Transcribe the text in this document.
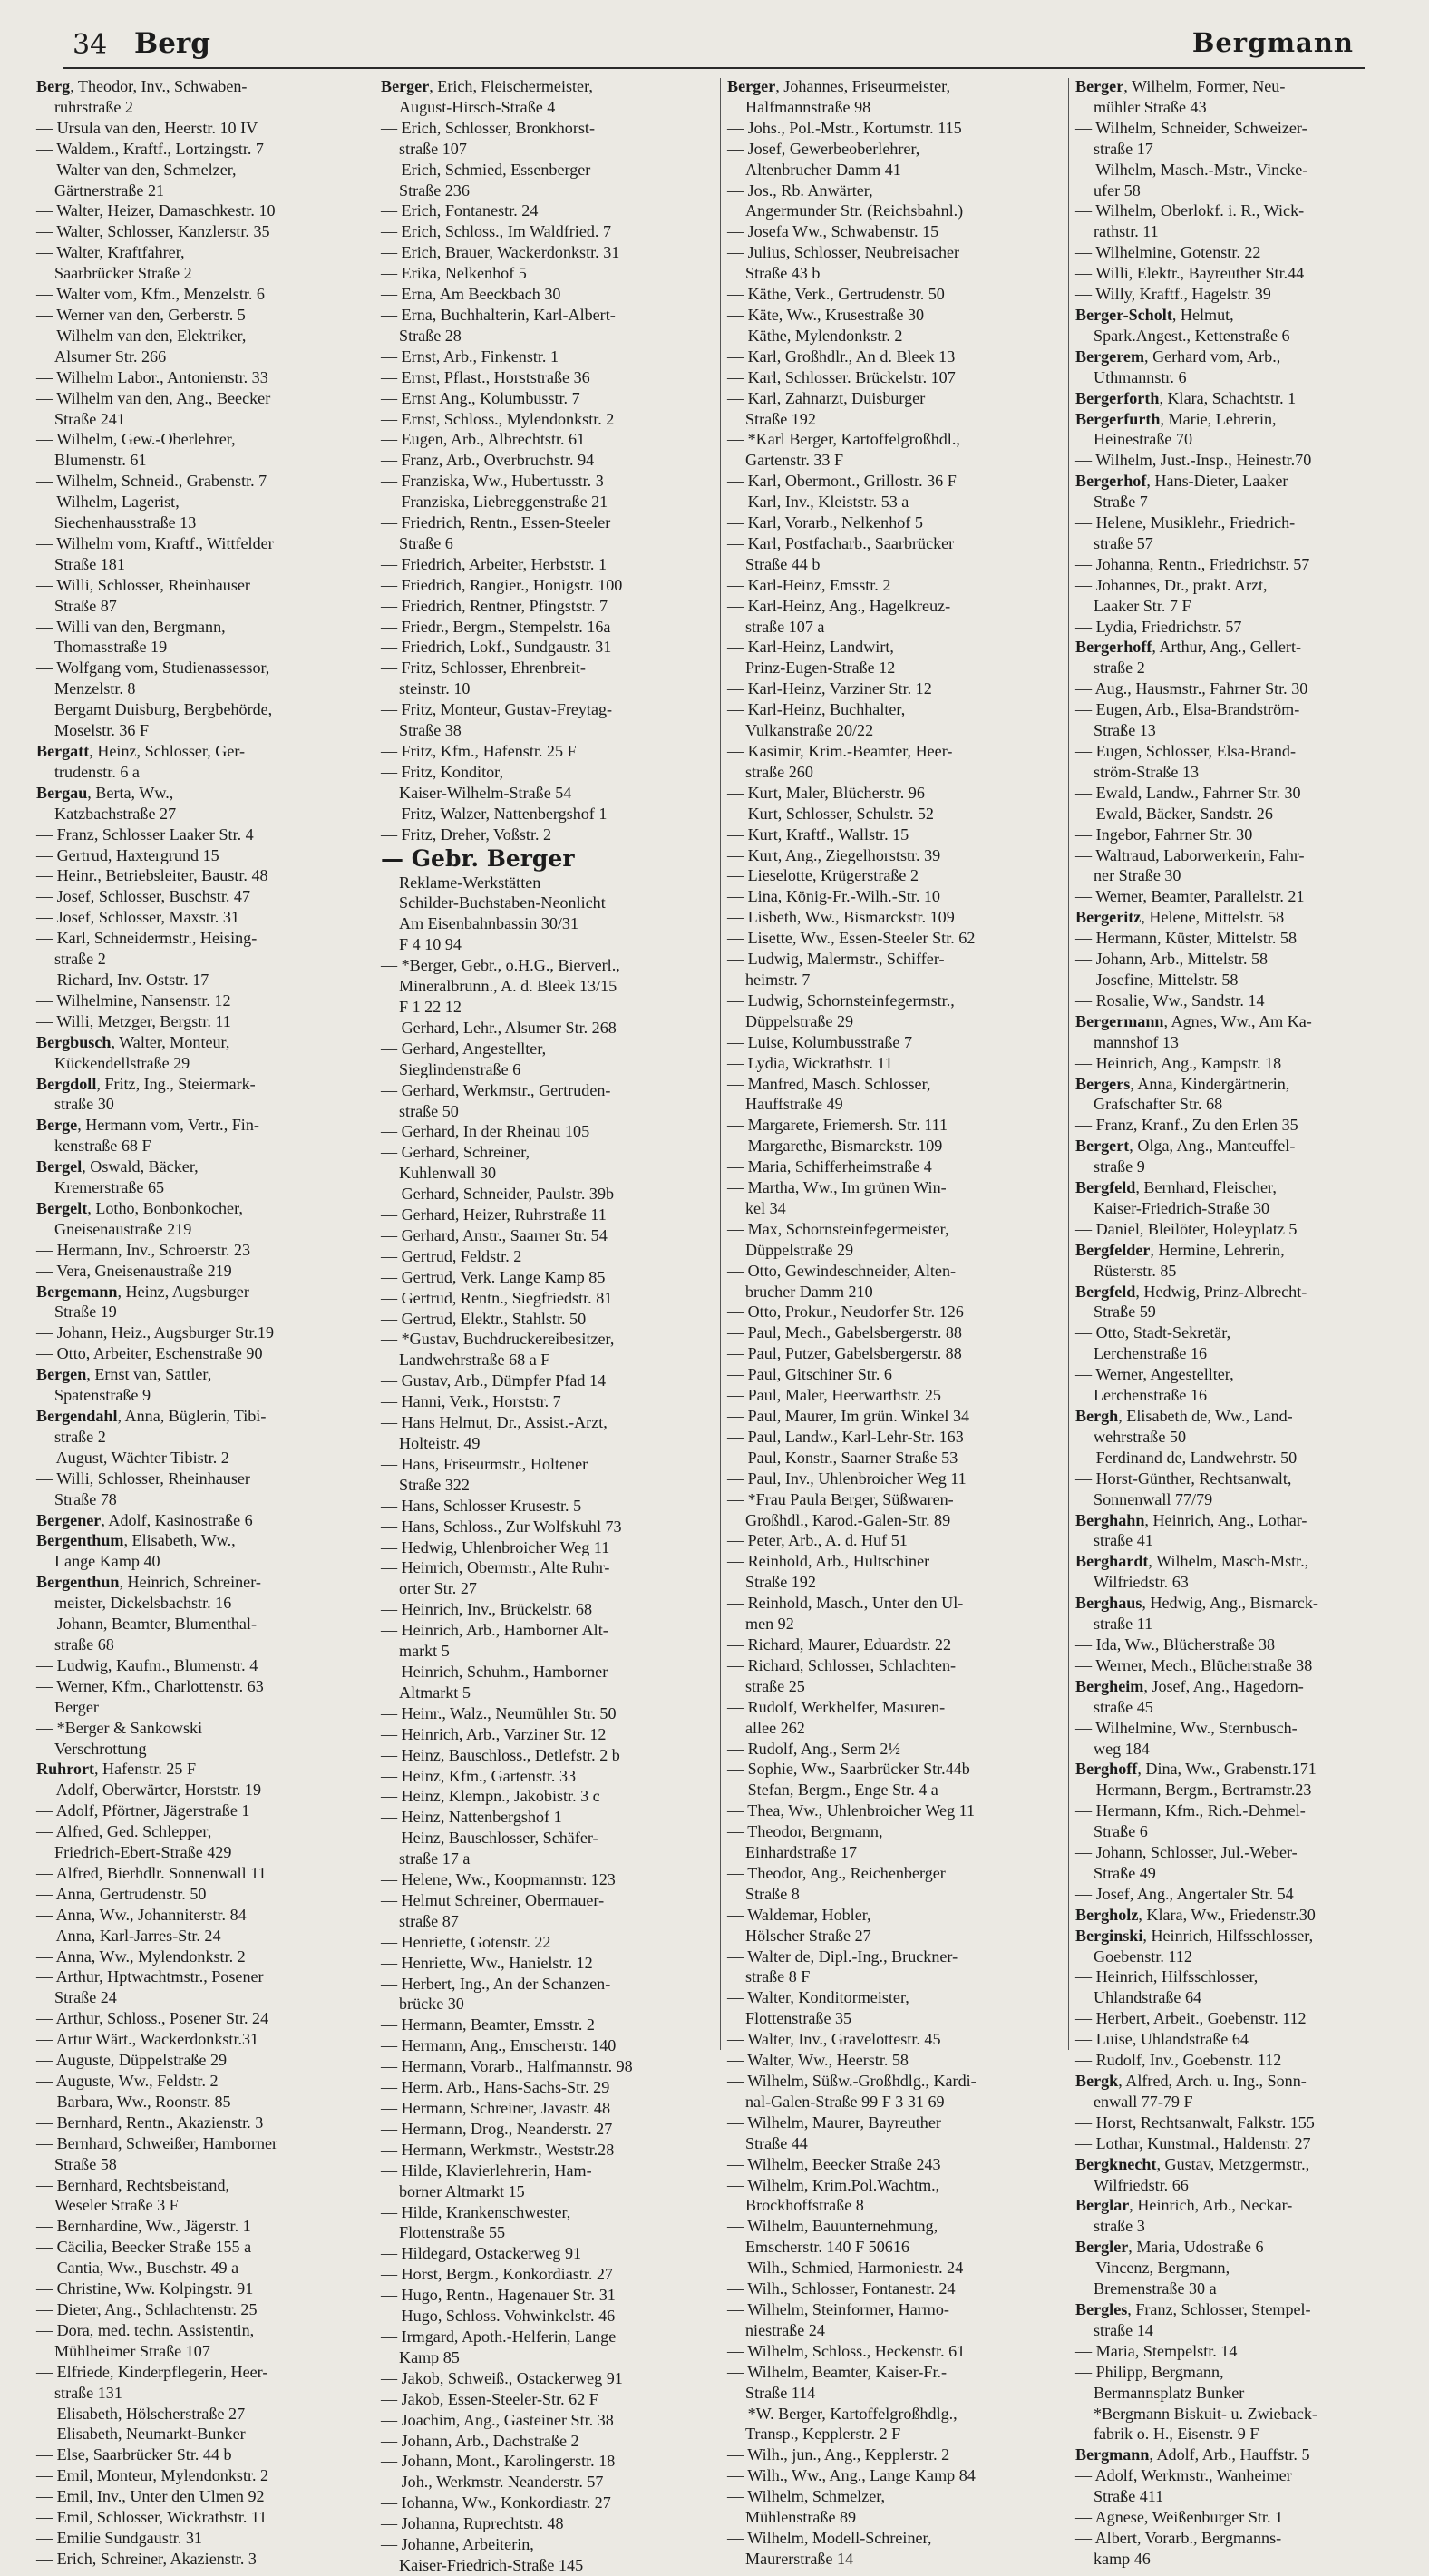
34 Berg	Bergmann
Berg, Theodor, Inv., Schwaben-
ruhrstraße 2
— Ursula van den, Heerstr. 10 IV
— Waldem., Kraftf., Lortzingstr. 7
— Walter van den, Schmelzer,
Gärtnerstraße 21
— Walter, Heizer, Damaschkestr. 10
— Walter, Schlosser, Kanzlerstr. 35
— Walter, Kraftfahrer,
Saarbrücker Straße 2
— Walter vom, Kfm., Menzelstr. 6
— Werner van den, Gerberstr. 5
— Wilhelm van den, Elektriker,
Alsumer Str. 266
— Wilhelm Labor., Antonienstr. 33
— Wilhelm van den, Ang., Beecker
Straße 241
— Wilhelm, Gew.-Oberlehrer,
Blumenstr. 61
— Wilhelm, Schneid., Grabenstr. 7
— Wilhelm, Lagerist,
Siechenhausstraße 13
— Wilhelm vom, Kraftf., Wittfelder
Straße 181
— Willi, Schlosser, Rheinhauser
Straße 87
— Willi van den, Bergmann,
Thomasstraße 19
— Wolfgang vom, Studienassessor,
Menzelstr. 8
Bergamt Duisburg, Bergbehörde,
Moselstr. 36 F
Bergatt, Heinz, Schlosser, Ger-
trudenstr. 6 a
Bergau, Berta, Ww.,
Katzbachstraße 27
— Franz, Schlosser Laaker Str. 4
— Gertrud, Haxtergrund 15
— Heinr., Betriebsleiter, Baustr. 48
— Josef, Schlosser, Buschstr. 47
— Josef, Schlosser, Maxstr. 31
— Karl, Schneidermstr., Heising-
straße 2
— Richard, Inv. Oststr. 17
— Wilhelmine, Nansenstr. 12
— Willi, Metzger, Bergstr. 11
Bergbusch, Walter, Monteur,
Kückendellstraße 29
Bergdoll, Fritz, Ing., Steiermark-
straße 30
Berge, Hermann vom, Vertr., Fin-
kenstraße 68 F
Bergel, Oswald, Bäcker,
Kremerstraße 65
Bergelt, Lotho, Bonbonkocher,
Gneisenaustraße 219
— Hermann, Inv., Schroerstr. 23
— Vera, Gneisenaustraße 219
Bergemann, Heinz, Augsburger
Straße 19
— Johann, Heiz., Augsburger Str.19
— Otto, Arbeiter, Eschenstraße 90
Bergen, Ernst van, Sattler,
Spatenstraße 9
Bergendahl, Anna, Büglerin, Tibi-
straße 2
— August, Wächter Tibistr. 2
— Willi, Schlosser, Rheinhauser
Straße 78
Bergener, Adolf, Kasinostraße 6
Bergenthum, Elisabeth, Ww.,
Lange Kamp 40
Bergenthun, Heinrich, Schreiner-
meister, Dickelsbachstr. 16
— Johann, Beamter, Blumenthal-
straße 68
— Ludwig, Kaufm., Blumenstr. 4
— Werner, Kfm., Charlottenstr. 63
Berger
— *Berger & Sankowski
Verschrottung
Ruhrort, Hafenstr. 25 F
— Adolf, Oberwärter, Horststr. 19
— Adolf, Pförtner, Jägerstraße 1
— Alfred, Ged. Schlepper,
Friedrich-Ebert-Straße 429
— Alfred, Bierhdlr. Sonnenwall 11
— Anna, Gertrudenstr. 50
— Anna, Ww., Johanniterstr. 84
— Anna, Karl-Jarres-Str. 24
— Anna, Ww., Mylendonkstr. 2
— Arthur, Hptwachtmstr., Posener
Straße 24
— Arthur, Schloss., Posener Str. 24
— Artur Wärt., Wackerdonkstr.31
— Auguste, Düppelstraße 29
— Auguste, Ww., Feldstr. 2
— Barbara, Ww., Roonstr. 85
— Bernhard, Rentn., Akazienstr. 3
— Bernhard, Schweißer, Hamborner
Straße 58
— Bernhard, Rechtsbeistand,
Weseler Straße 3 F
— Bernhardine, Ww., Jägerstr. 1
— Cäcilia, Beecker Straße 155 a
— Cantia, Ww., Buschstr. 49 a
— Christine, Ww. Kolpingstr. 91
— Dieter, Ang., Schlachtenstr. 25
— Dora, med. techn. Assistentin,
Mühlheimer Straße 107
— Elfriede, Kinderpflegerin, Heer-
straße 131
— Elisabeth, Hölscherstraße 27
— Elisabeth, Neumarkt-Bunker
— Else, Saarbrücker Str. 44 b
— Emil, Monteur, Mylendonkstr. 2
— Emil, Inv., Unter den Ulmen 92
— Emil, Schlosser, Wickrathstr. 11
— Emilie Sundgaustr. 31
— Erich, Schreiner, Akazienstr. 3
Berger, Erich, Fleischermeister,
August-Hirsch-Straße 4
— Erich, Schlosser, Bronkhorst-
straße 107
— Erich, Schmied, Essenberger
Straße 236
— Erich, Fontanestr. 24
— Erich, Schloss., Im Waldfried. 7
— Erich, Brauer, Wackerdonkstr. 31
— Erika, Nelkenhof 5
— Erna, Am Beeckbach 30
— Erna, Buchhalterin, Karl-Albert-
Straße 28
— Ernst, Arb., Finkenstr. 1
— Ernst, Pflast., Horststraße 36
— Ernst Ang., Kolumbusstr. 7
— Ernst, Schloss., Mylendonkstr. 2
— Eugen, Arb., Albrechtstr. 61
— Franz, Arb., Overbruchstr. 94
— Franziska, Ww., Hubertusstr. 3
— Franziska, Liebreggenstraße 21
— Friedrich, Rentn., Essen-Steeler
Straße 6
— Friedrich, Arbeiter, Herbststr. 1
— Friedrich, Rangier., Honigstr. 100
— Friedrich, Rentner, Pfingststr. 7
— Friedr., Bergm., Stempelstr. 16a
— Friedrich, Lokf., Sundgaustr. 31
— Fritz, Schlosser, Ehrenbreit-
steinstr. 10
— Fritz, Monteur, Gustav-Freytag-
Straße 38
— Fritz, Kfm., Hafenstr. 25 F
— Fritz, Konditor,
Kaiser-Wilhelm-Straße 54
— Fritz, Walzer, Nattenbergshof 1
— Fritz, Dreher, Voßstr. 2
— Gebr. Berger
Reklame-Werkstätten
Schilder-Buchstaben-Neonlicht
Am Eisenbahnbassin 30/31
F 4 10 94
— *Berger, Gebr., o.H.G., Bierverl.,
Mineralbrunn., A. d. Bleek 13/15
F 1 22 12
— Gerhard, Lehr., Alsumer Str. 268
— Gerhard, Angestellter,
Sieglindenstraße 6
— Gerhard, Werkmstr., Gertruden-
straße 50
— Gerhard, In der Rheinau 105
— Gerhard, Schreiner,
Kuhlenwall 30
— Gerhard, Schneider, Paulstr. 39b
— Gerhard, Heizer, Ruhrstraße 11
— Gerhard, Anstr., Saarner Str. 54
— Gertrud, Feldstr. 2
— Gertrud, Verk. Lange Kamp 85
— Gertrud, Rentn., Siegfriedstr. 81
— Gertrud, Elektr., Stahlstr. 50
— *Gustav, Buchdruckereibesitzer,
Landwehrstraße 68 a F
— Gustav, Arb., Dümpfer Pfad 14
— Hanni, Verk., Horststr. 7
— Hans Helmut, Dr., Assist.-Arzt,
Holteistr. 49
— Hans, Friseurmstr., Holtener
Straße 322
— Hans, Schlosser Krusestr. 5
— Hans, Schloss., Zur Wolfskuhl 73
— Hedwig, Uhlenbroicher Weg 11
— Heinrich, Obermstr., Alte Ruhr-
orter Str. 27
— Heinrich, Inv., Brückelstr. 68
— Heinrich, Arb., Hamborner Alt-
markt 5
— Heinrich, Schuhm., Hamborner
Altmarkt 5
— Heinr., Walz., Neumühler Str. 50
— Heinrich, Arb., Varziner Str. 12
— Heinz, Bauschloss., Detlefstr. 2 b
— Heinz, Kfm., Gartenstr. 33
— Heinz, Klempn., Jakobistr. 3 c
— Heinz, Nattenbergshof 1
— Heinz, Bauschlosser, Schäfer-
straße 17 a
— Helene, Ww., Koopmannstr. 123
— Helmut Schreiner, Obermauer-
straße 87
— Henriette, Gotenstr. 22
— Henriette, Ww., Hanielstr. 12
— Herbert, Ing., An der Schanzen-
brücke 30
— Hermann, Beamter, Emsstr. 2
— Hermann, Ang., Emscherstr. 140
— Hermann, Vorarb., Halfmannstr. 98
— Herm. Arb., Hans-Sachs-Str. 29
— Hermann, Schreiner, Javastr. 48
— Hermann, Drog., Neanderstr. 27
— Hermann, Werkmstr., Weststr.28
— Hilde, Klavierlehrerin, Ham-
borner Altmarkt 15
— Hilde, Krankenschwester,
Flottenstraße 55
— Hildegard, Ostackerweg 91
— Horst, Bergm., Konkordiastr. 27
— Hugo, Rentn., Hagenauer Str. 31
— Hugo, Schloss. Vohwinkelstr. 46
— Irmgard, Apoth.-Helferin, Lange
Kamp 85
— Jakob, Schweiß., Ostackerweg 91
— Jakob, Essen-Steeler-Str. 62 F
— Joachim, Ang., Gasteiner Str. 38
— Johann, Arb., Dachstraße 2
— Johann, Mont., Karolingerstr. 18
— Joh., Werkmstr. Neanderstr. 57
— Iohanna, Ww., Konkordiastr. 27
— Johanna, Ruprechtstr. 48
— Johanne, Arbeiterin,
Kaiser-Friedrich-Straße 145
Berger, Johannes, Friseurmeister,
Halfmannstraße 98
— Johs., Pol.-Mstr., Kortumstr. 115
— Josef, Gewerbeoberlehrer,
Altenbrucher Damm 41
— Jos., Rb. Anwärter,
Angermunder Str. (Reichsbahnl.)
— Josefa Ww., Schwabenstr. 15
— Julius, Schlosser, Neubreisacher
Straße 43 b
— Käthe, Verk., Gertrudenstr. 50
— Käte, Ww., Krusestraße 30
— Käthe, Mylendonkstr. 2
— Karl, Großhdlr., An d. Bleek 13
— Karl, Schlosser. Brückelstr. 107
— Karl, Zahnarzt, Duisburger
Straße 192
— *Karl Berger, Kartoffelgroßhdl.,
Gartenstr. 33 F
— Karl, Obermont., Grillostr. 36 F
— Karl, Inv., Kleiststr. 53 a
— Karl, Vorarb., Nelkenhof 5
— Karl, Postfacharb., Saarbrücker
Straße 44 b
— Karl-Heinz, Emsstr. 2
— Karl-Heinz, Ang., Hagelkreuz-
straße 107 a
— Karl-Heinz, Landwirt,
Prinz-Eugen-Straße 12
— Karl-Heinz, Varziner Str. 12
— Karl-Heinz, Buchhalter,
Vulkanstraße 20/22
— Kasimir, Krim.-Beamter, Heer-
straße 260
— Kurt, Maler, Blücherstr. 96
— Kurt, Schlosser, Schulstr. 52
— Kurt, Kraftf., Wallstr. 15
— Kurt, Ang., Ziegelhorststr. 39
— Lieselotte, Krügerstraße 2
— Lina, König-Fr.-Wilh.-Str. 10
— Lisbeth, Ww., Bismarckstr. 109
— Lisette, Ww., Essen-Steeler Str. 62
— Ludwig, Malermstr., Schiffer-
heimstr. 7
— Ludwig, Schornsteinfegermstr.,
Düppelstraße 29
— Luise, Kolumbusstraße 7
— Lydia, Wickrathstr. 11
— Manfred, Masch. Schlosser,
Hauffstraße 49
— Margarete, Friemersh. Str. 111
— Margarethe, Bismarckstr. 109
— Maria, Schifferheimstraße 4
— Martha, Ww., Im grünen Win-
kel 34
— Max, Schornsteinfegermeister,
Düppelstraße 29
— Otto, Gewindeschneider, Alten-
brucher Damm 210
— Otto, Prokur., Neudorfer Str. 126
— Paul, Mech., Gabelsbergerstr. 88
— Paul, Putzer, Gabelsbergerstr. 88
— Paul, Gitschiner Str. 6
— Paul, Maler, Heerwarthstr. 25
— Paul, Maurer, Im grün. Winkel 34
— Paul, Landw., Karl-Lehr-Str. 163
— Paul, Konstr., Saarner Straße 53
— Paul, Inv., Uhlenbroicher Weg 11
— *Frau Paula Berger, Süßwaren-
Großhdl., Karod.-Galen-Str. 89
— Peter, Arb., A. d. Huf 51
— Reinhold, Arb., Hultschiner
Straße 192
— Reinhold, Masch., Unter den Ul-
men 92
— Richard, Maurer, Eduardstr. 22
— Richard, Schlosser, Schlachten-
straße 25
— Rudolf, Werkhelfer, Masuren-
allee 262
— Rudolf, Ang., Serm 2½
— Sophie, Ww., Saarbrücker Str.44b
— Stefan, Bergm., Enge Str. 4 a
— Thea, Ww., Uhlenbroicher Weg 11
— Theodor, Bergmann,
Einhardstraße 17
— Theodor, Ang., Reichenberger
Straße 8
— Waldemar, Hobler,
Hölscher Straße 27
— Walter de, Dipl.-Ing., Bruckner-
straße 8 F
— Walter, Konditormeister,
Flottenstraße 35
— Walter, Inv., Gravelottestr. 45
— Walter, Ww., Heerstr. 58
— Wilhelm, Süßw.-Großhdlg., Kardi-
nal-Galen-Straße 99 F 3 31 69
— Wilhelm, Maurer, Bayreuther
Straße 44
— Wilhelm, Beecker Straße 243
— Wilhelm, Krim.Pol.Wachtm.,
Brockhoffstraße 8
— Wilhelm, Bauunternehmung,
Emscherstr. 140 F 50616
— Wilh., Schmied, Harmoniestr. 24
— Wilh., Schlosser, Fontanestr. 24
— Wilhelm, Steinformer, Harmo-
niestraße 24
— Wilhelm, Schloss., Heckenstr. 61
— Wilhelm, Beamter, Kaiser-Fr.-
Straße 114
— *W. Berger, Kartoffelgroßhdlg.,
Transp., Kepplerstr. 2 F
— Wilh., jun., Ang., Kepplerstr. 2
— Wilh., Ww., Ang., Lange Kamp 84
— Wilhelm, Schmelzer,
Mühlenstraße 89
— Wilhelm, Modell-Schreiner,
Maurerstraße 14
Berger, Wilhelm, Former, Neu-
mühler Straße 43
— Wilhelm, Schneider, Schweizer-
straße 17
— Wilhelm, Masch.-Mstr., Vincke-
ufer 58
— Wilhelm, Oberlokf. i. R., Wick-
rathstr. 11
— Wilhelmine, Gotenstr. 22
— Willi, Elektr., Bayreuther Str.44
— Willy, Kraftf., Hagelstr. 39
Berger-Scholt, Helmut,
Spark.Angest., Kettenstraße 6
Bergerem, Gerhard vom, Arb.,
Uthmannstr. 6
Bergerforth, Klara, Schachtstr. 1
Bergerfurth, Marie, Lehrerin,
Heinestraße 70
— Wilhelm, Just.-Insp., Heinestr.70
Bergerhof, Hans-Dieter, Laaker
Straße 7
— Helene, Musiklehr., Friedrich-
straße 57
— Johanna, Rentn., Friedrichstr. 57
— Johannes, Dr., prakt. Arzt,
Laaker Str. 7 F
— Lydia, Friedrichstr. 57
Bergerhoff, Arthur, Ang., Gellert-
straße 2
— Aug., Hausmstr., Fahrner Str. 30
— Eugen, Arb., Elsa-Brandström-
Straße 13
— Eugen, Schlosser, Elsa-Brand-
ström-Straße 13
— Ewald, Landw., Fahrner Str. 30
— Ewald, Bäcker, Sandstr. 26
— Ingebor, Fahrner Str. 30
— Waltraud, Laborwerkerin, Fahr-
ner Straße 30
— Werner, Beamter, Parallelstr. 21
Bergeritz, Helene, Mittelstr. 58
— Hermann, Küster, Mittelstr. 58
— Johann, Arb., Mittelstr. 58
— Josefine, Mittelstr. 58
— Rosalie, Ww., Sandstr. 14
Bergermann, Agnes, Ww., Am Ka-
mannshof 13
— Heinrich, Ang., Kampstr. 18
Bergers, Anna, Kindergärtnerin,
Grafschafter Str. 68
— Franz, Kranf., Zu den Erlen 35
Bergert, Olga, Ang., Manteuffel-
straße 9
Bergfeld, Bernhard, Fleischer,
Kaiser-Friedrich-Straße 30
— Daniel, Bleilöter, Holeyplatz 5
Bergfelder, Hermine, Lehrerin,
Rüsterstr. 85
Bergfeld, Hedwig, Prinz-Albrecht-
Straße 59
— Otto, Stadt-Sekretär,
Lerchenstraße 16
— Werner, Angestellter,
Lerchenstraße 16
Bergh, Elisabeth de, Ww., Land-
wehrstraße 50
— Ferdinand de, Landwehrstr. 50
— Horst-Günther, Rechtsanwalt,
Sonnenwall 77/79
Berghahn, Heinrich, Ang., Lothar-
straße 41
Berghardt, Wilhelm, Masch-Mstr.,
Wilfriedstr. 63
Berghaus, Hedwig, Ang., Bismarck-
straße 11
— Ida, Ww., Blücherstraße 38
— Werner, Mech., Blücherstraße 38
Bergheim, Josef, Ang., Hagedorn-
straße 45
— Wilhelmine, Ww., Sternbusch-
weg 184
Berghoff, Dina, Ww., Grabenstr.171
— Hermann, Bergm., Bertramstr.23
— Hermann, Kfm., Rich.-Dehmel-
Straße 6
— Johann, Schlosser, Jul.-Weber-
Straße 49
— Josef, Ang., Angertaler Str. 54
Bergholz, Klara, Ww., Friedenstr.30
Berginski, Heinrich, Hilfsschlosser,
Goebenstr. 112
— Heinrich, Hilfsschlosser,
Uhlandstraße 64
— Herbert, Arbeit., Goebenstr. 112
— Luise, Uhlandstraße 64
— Rudolf, Inv., Goebenstr. 112
Bergk, Alfred, Arch. u. Ing., Sonn-
enwall 77-79 F
— Horst, Rechtsanwalt, Falkstr. 155
— Lothar, Kunstmal., Haldenstr. 27
Bergknecht, Gustav, Metzgermstr.,
Wilfriedstr. 66
Berglar, Heinrich, Arb., Neckar-
straße 3
Bergler, Maria, Udostraße 6
— Vincenz, Bergmann,
Bremenstraße 30 a
Bergles, Franz, Schlosser, Stempel-
straße 14
— Maria, Stempelstr. 14
— Philipp, Bergmann,
Bermannsplatz Bunker
*Bergmann Biskuit- u. Zwieback-
fabrik o. H., Eisenstr. 9 F
Bergmann, Adolf, Arb., Hauffstr. 5
— Adolf, Werkmstr., Wanheimer
Straße 411
— Agnese, Weißenburger Str. 1
— Albert, Vorarb., Bergmanns-
kamp 46
